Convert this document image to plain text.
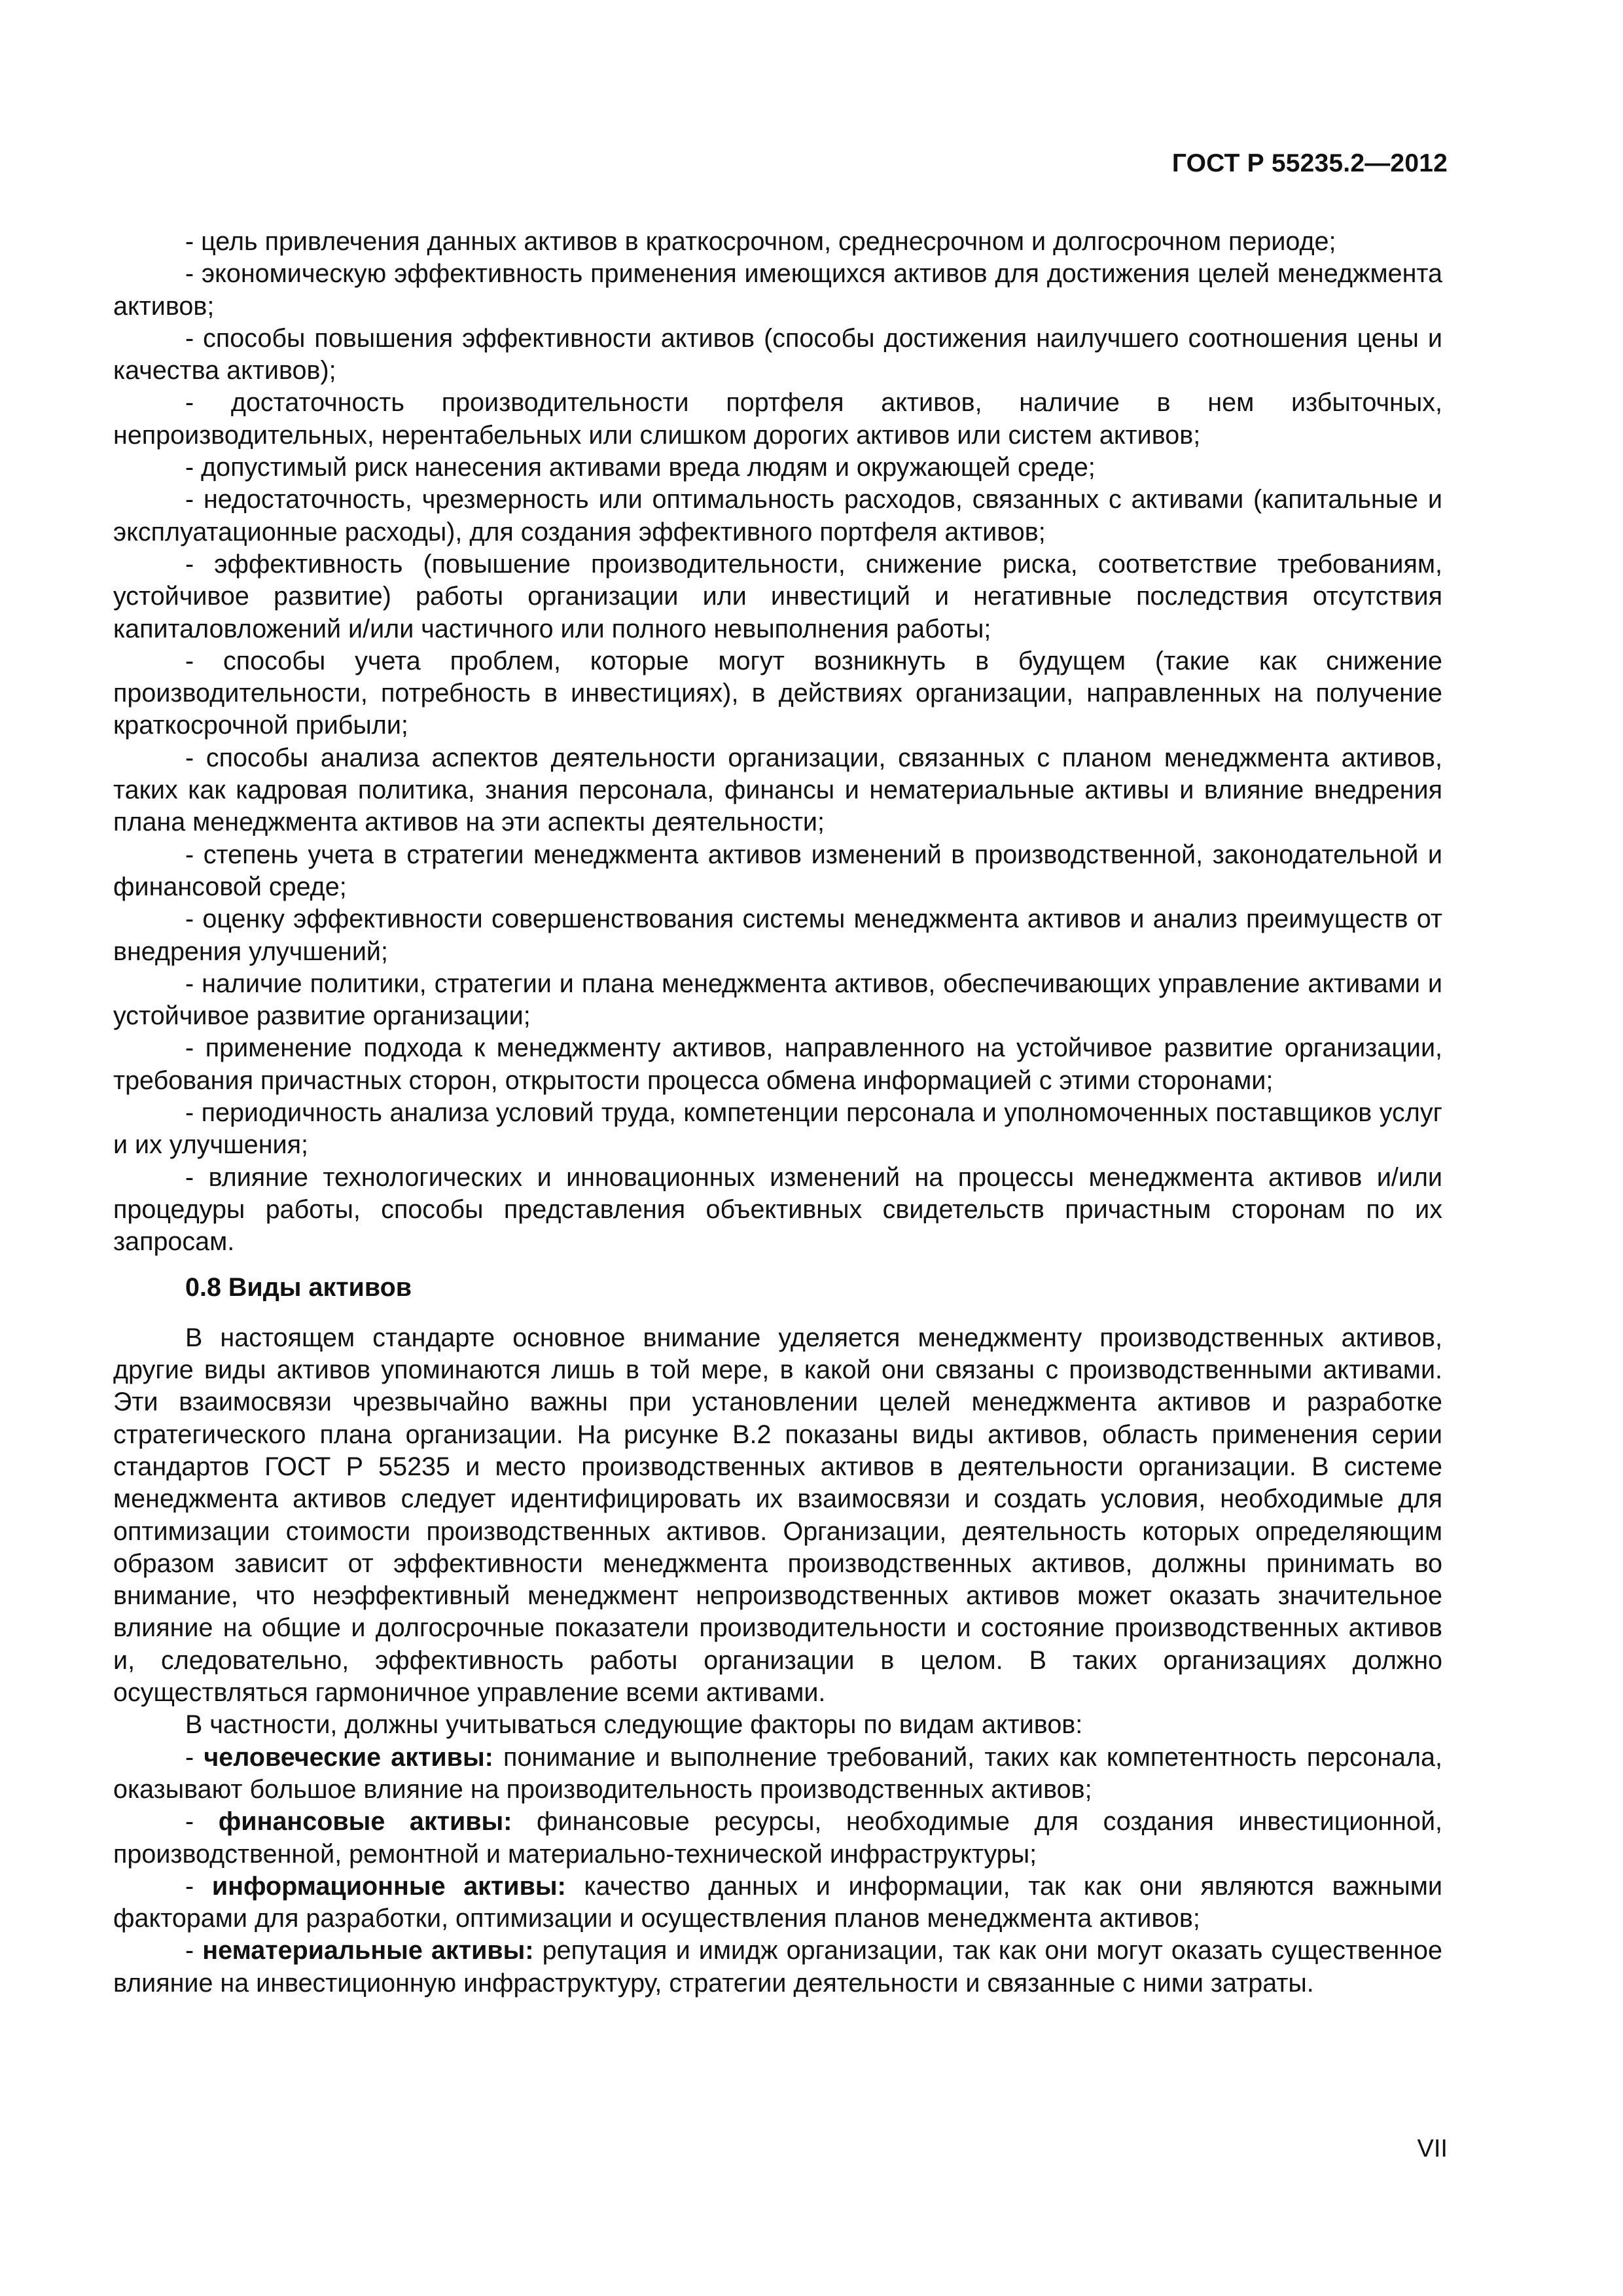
ГОСТ Р 55235.2—2012

- цель привлечения данных активов в краткосрочном, среднесрочном и долгосрочном периоде;

- экономическую эффективность применения имеющихся активов для достижения целей менеджмента активов;

- способы повышения эффективности активов (способы достижения наилучшего соотношения цены и качества активов);

- достаточность производительности портфеля активов, наличие в нем избыточных, непроизводительных, нерентабельных или слишком дорогих активов или систем активов;

- допустимый риск нанесения активами вреда людям и окружающей среде;

- недостаточность, чрезмерность или оптимальность расходов, связанных с активами (капитальные и эксплуатационные расходы), для создания эффективного портфеля активов;

- эффективность (повышение производительности, снижение риска, соответствие требованиям, устойчивое развитие) работы организации или инвестиций и негативные последствия отсутствия капиталовложений и/или частичного или полного невыполнения работы;

- способы учета проблем, которые могут возникнуть в будущем (такие как снижение производительности, потребность в инвестициях), в действиях организации, направленных на получение краткосрочной прибыли;

- способы анализа аспектов деятельности организации, связанных с планом менеджмента активов, таких как кадровая политика, знания персонала, финансы и нематериальные активы и влияние внедрения плана менеджмента активов на эти аспекты деятельности;

- степень учета в стратегии менеджмента активов изменений в производственной, законодательной и финансовой среде;

- оценку эффективности совершенствования системы менеджмента активов и анализ преимуществ от внедрения улучшений;

- наличие политики, стратегии и плана менеджмента активов, обеспечивающих управление активами и устойчивое развитие организации;

- применение подхода к менеджменту активов, направленного на устойчивое развитие организации, требования причастных сторон, открытости процесса обмена информацией с этими сторонами;

- периодичность анализа условий труда, компетенции персонала и уполномоченных поставщиков услуг и их улучшения;

- влияние технологических и инновационных изменений на процессы менеджмента активов и/или процедуры работы, способы представления объективных свидетельств причастным сторонам по их запросам.

0.8 Виды активов

В настоящем стандарте основное внимание уделяется менеджменту производственных активов, другие виды активов упоминаются лишь в той мере, в какой они связаны с производственными активами. Эти взаимосвязи чрезвычайно важны при установлении целей менеджмента активов и разработке стратегического плана организации. На рисунке В.2 показаны виды активов, область применения серии стандартов ГОСТ Р 55235 и место производственных активов в деятельности организации. В системе менеджмента активов следует идентифицировать их взаимосвязи и создать условия, необходимые для оптимизации стоимости производственных активов. Организации, деятельность которых определяющим образом зависит от эффективности менеджмента производственных активов, должны принимать во внимание, что неэффективный менеджмент непроизводственных активов может оказать значительное влияние на общие и долгосрочные показатели производительности и состояние производственных активов и, следовательно, эффективность работы организации в целом. В таких организациях должно осуществляться гармоничное управление всеми активами.

В частности, должны учитываться следующие факторы по видам активов:

- человеческие активы: понимание и выполнение требований, таких как компетентность персонала, оказывают большое влияние на производительность производственных активов;

- финансовые активы: финансовые ресурсы, необходимые для создания инвестиционной, производственной, ремонтной и материально-технической инфраструктуры;

- информационные активы: качество данных и информации, так как они являются важными факторами для разработки, оптимизации и осуществления планов менеджмента активов;

- нематериальные активы: репутация и имидж организации, так как они могут оказать существенное влияние на инвестиционную инфраструктуру, стратегии деятельности и связанные с ними затраты.

VII
